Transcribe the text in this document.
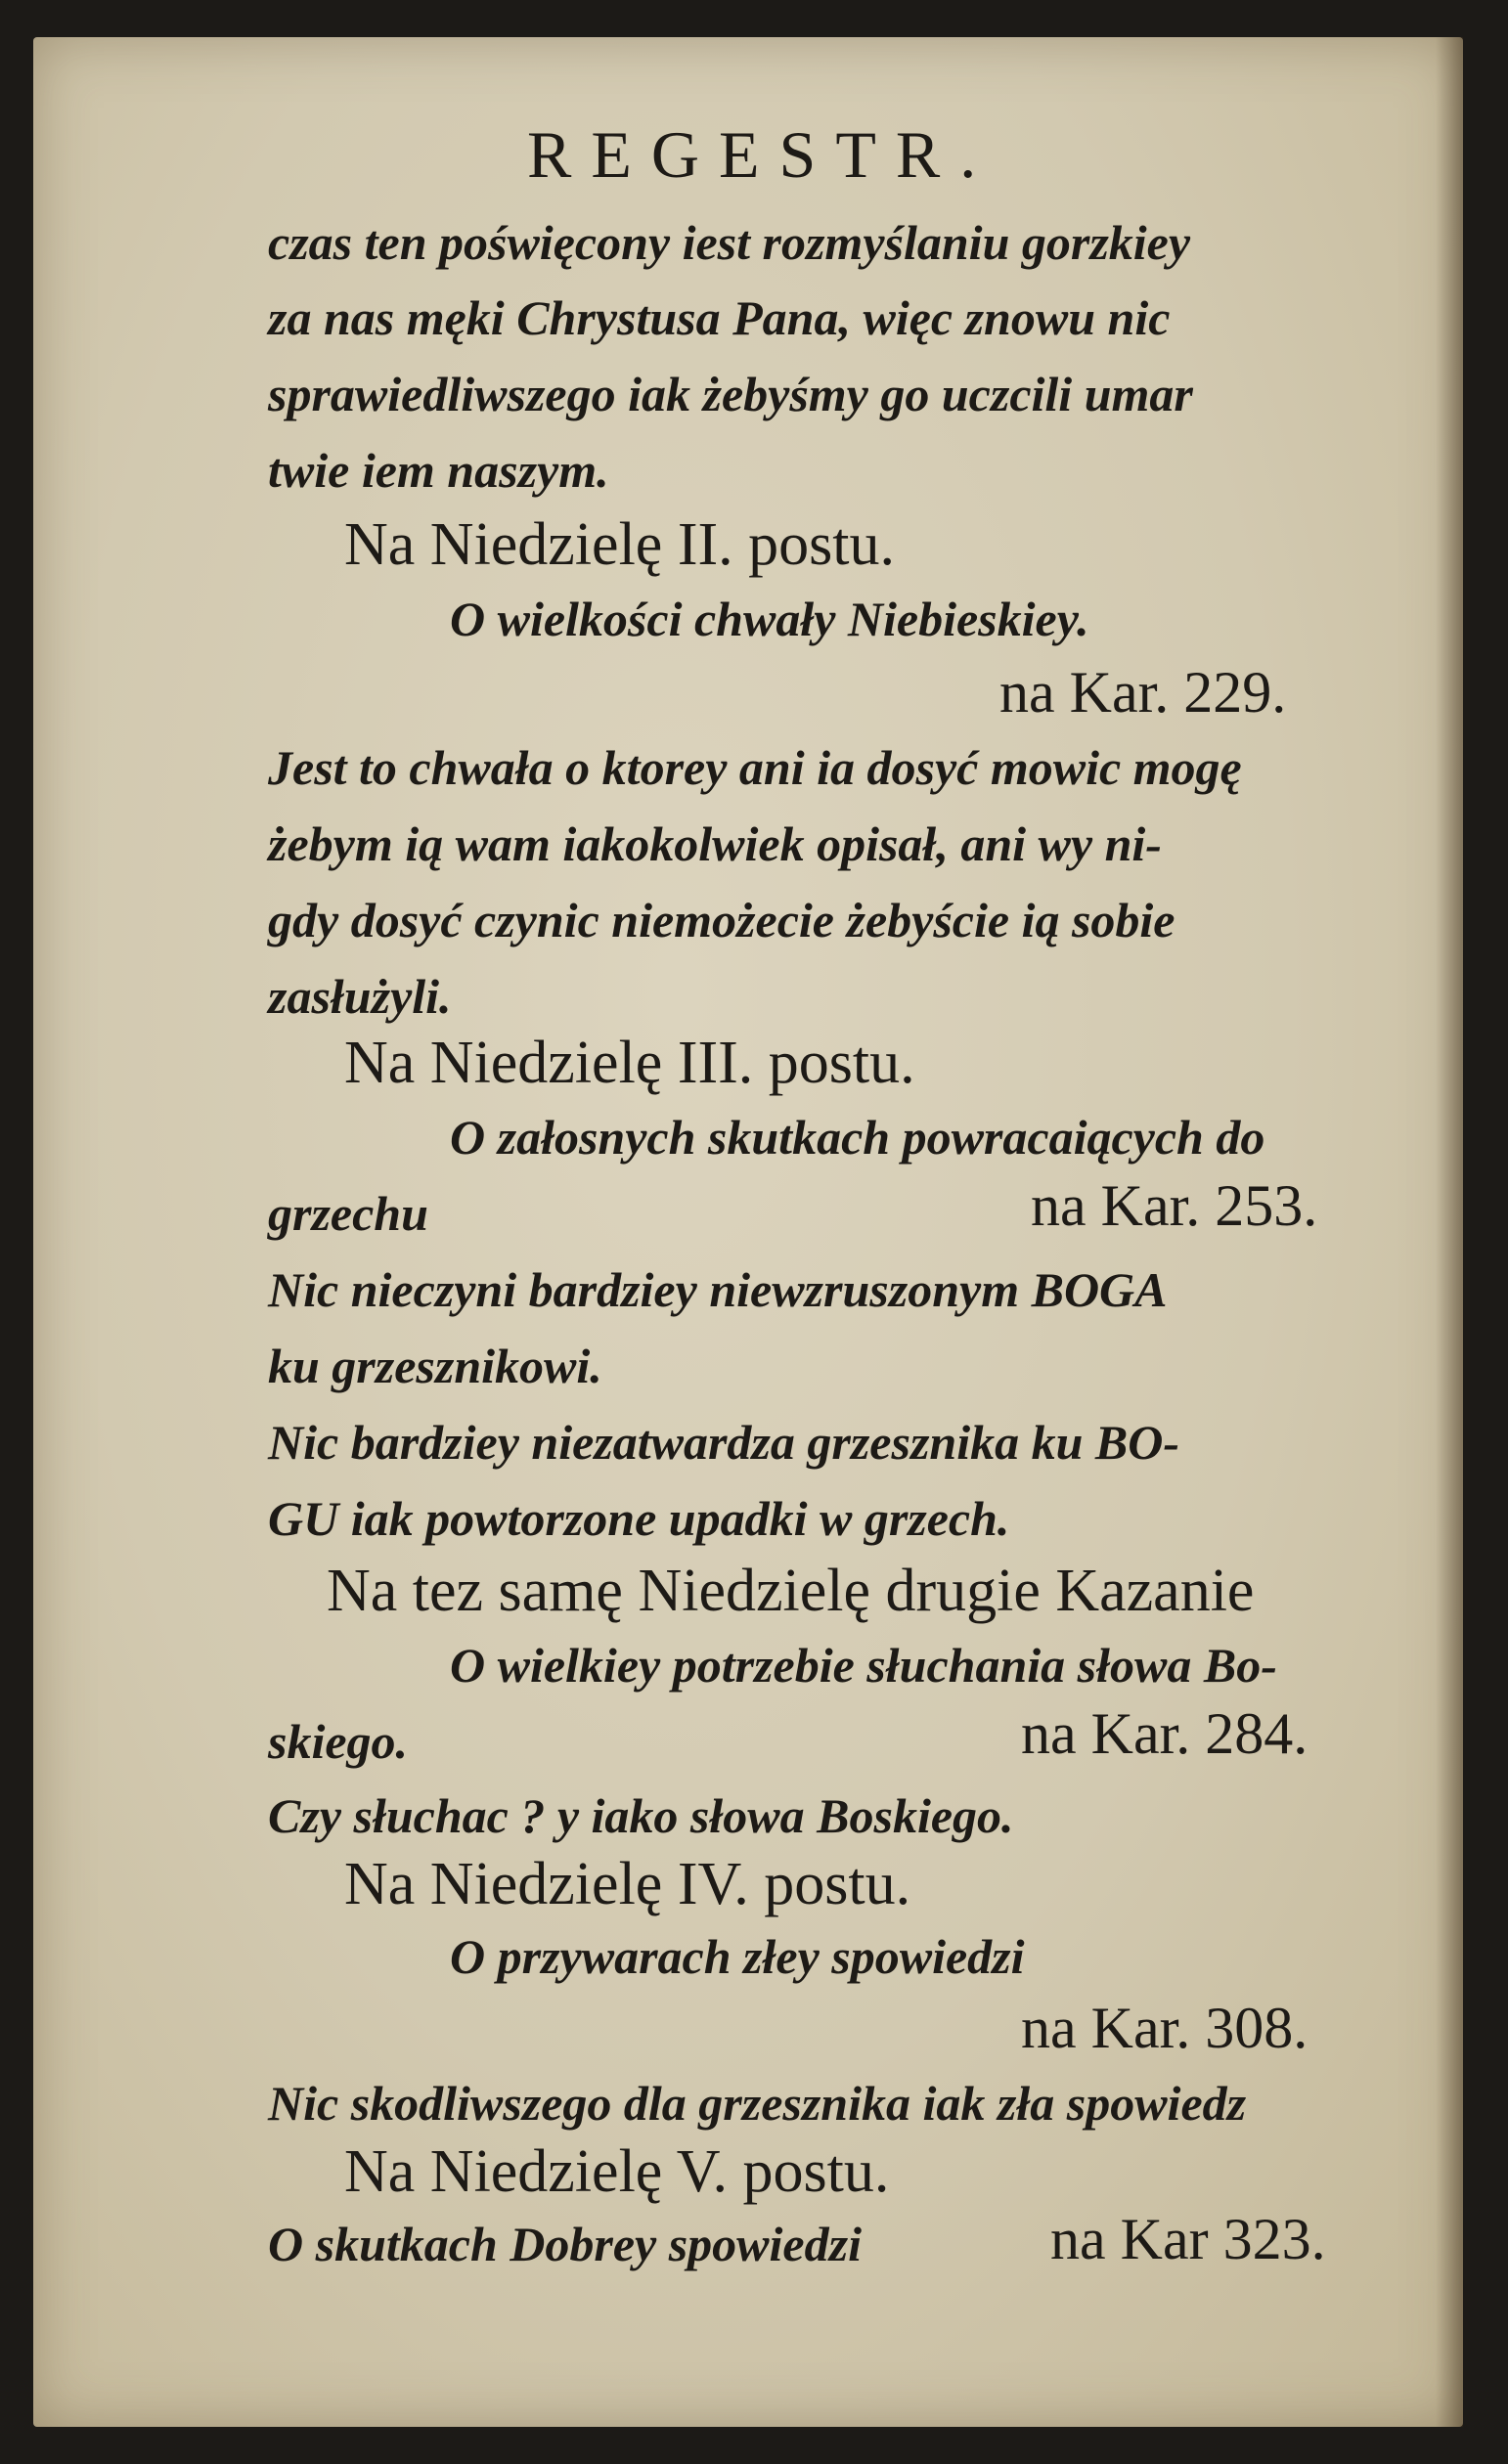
REGESTR.
czas ten poświęcony iest rozmyślaniu gorzkiey
za nas męki Chrystusa Pana, więc znowu nic
sprawiedliwszego iak żebyśmy go uczcili umar
twie iem naszym.
Na Niedzielę II. postu.
O wielkości chwały Niebieskiey.
na Kar. 229.
Jest to chwała o ktorey ani ia dosyć mowic mogę
żebym ią wam iakokolwiek opisał, ani wy ni-
gdy dosyć czynic niemożecie żebyście ią sobie
zasłużyli.
Na Niedzielę III. postu.
O załosnych skutkach powracaiących do
grzechu	na Kar. 253.
Nic nieczyni bardziey niewzruszonym BOGA
ku grzesznikowi.
Nic bardziey niezatwardza grzesznika ku BO-
GU iak powtorzone upadki w grzech.
Na tez samę Niedzielę drugie Kazanie
O wielkiey potrzebie słuchania słowa Bo-
skiego.	na Kar. 284.
Czy słuchac ? y iako słowa Boskiego.
Na Niedzielę IV. postu.
O przywarach złey spowiedzi
na Kar. 308.
Nic skodliwszego dla grzesznika iak zła spowiedz
Na Niedzielę V. postu.
O skutkach Dobrey spowiedzi	na Kar 323.
